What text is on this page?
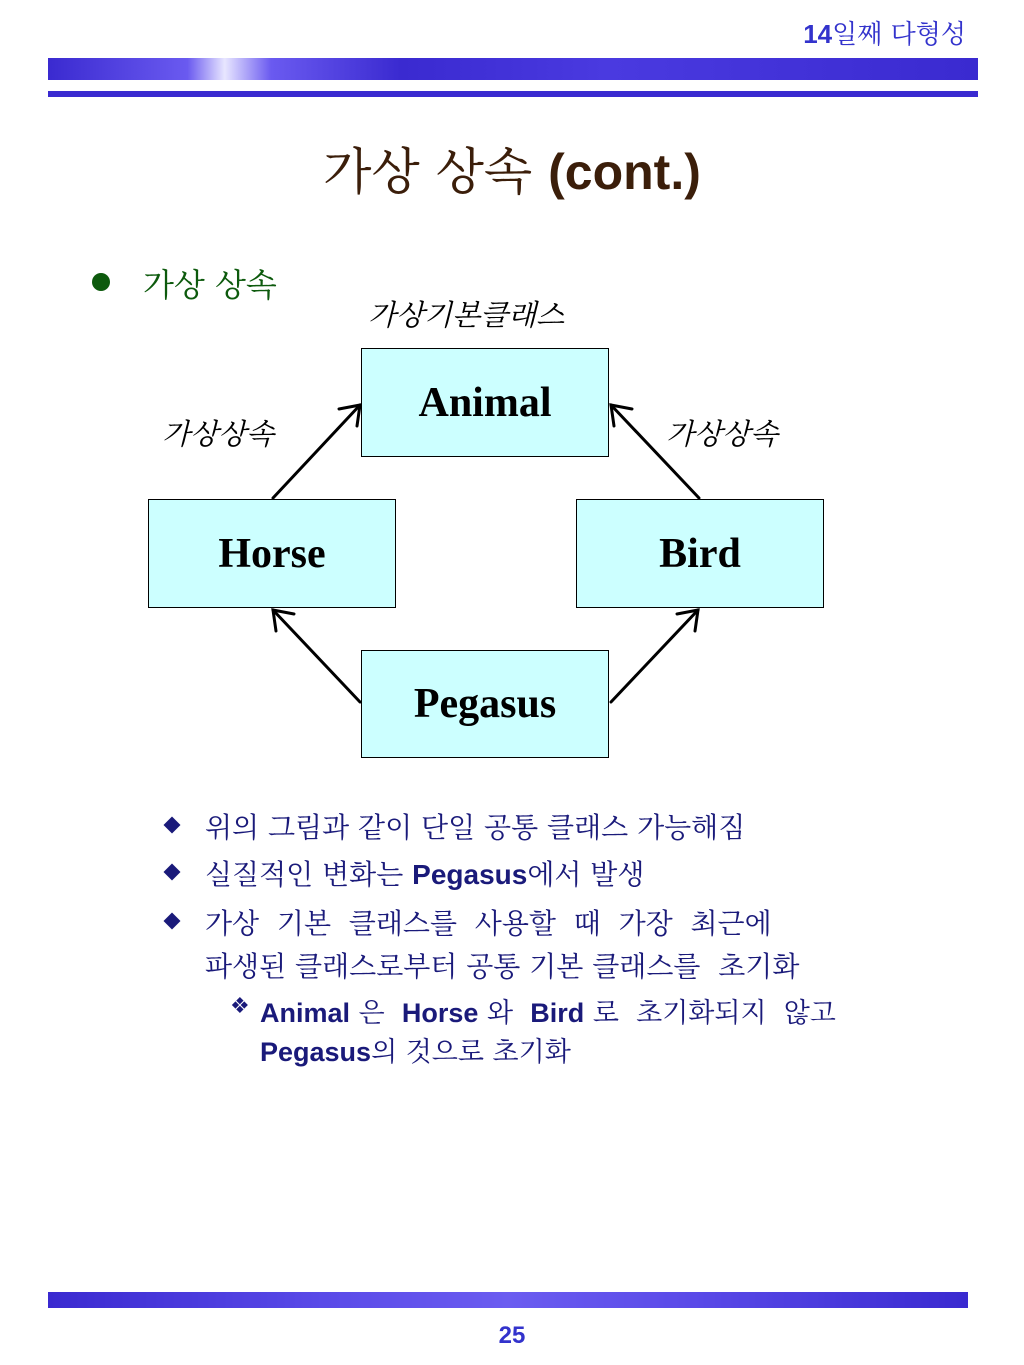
14일째 다형성
가상 상속 (cont.)
가상 상속
가상기본클래스
가상상속	가상상속
Animal
Horse	Bird
Pegasus
위의 그림과 같이 단일 공통 클래스 가능해짐
실질적인 변화는 Pegasus에서 발생
가상  기본  클래스를  사용할  때  가장  최근에
파생된 클래스로부터 공통 기본 클래스를  초기화
❖ Animal 은 Horse 와 Bird 로  초기화되지  않고
Pegasus의 것으로 초기화
25
